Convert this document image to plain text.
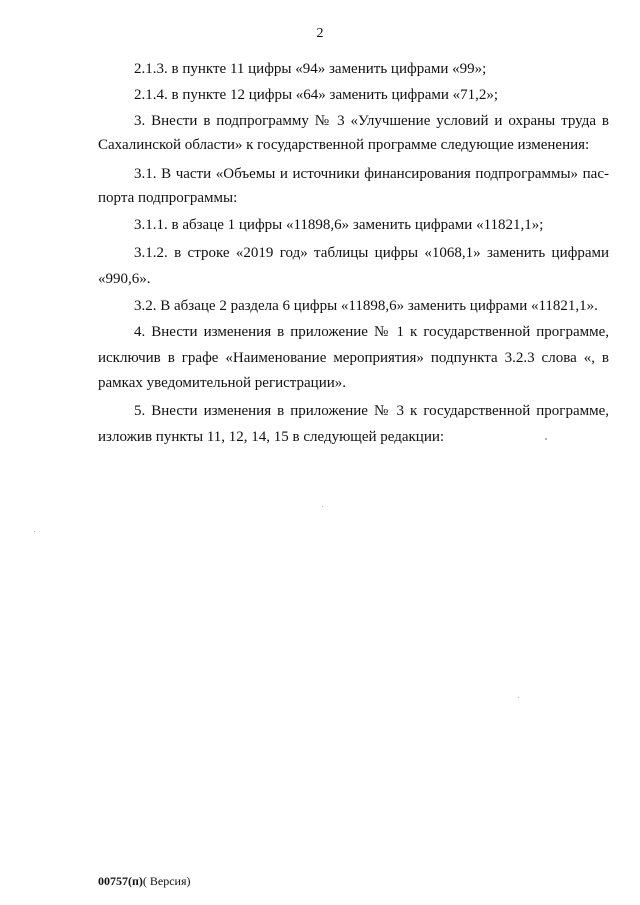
2
2.1.3. в пункте 11 цифры «94» заменить цифрами «99»;
2.1.4. в пункте 12 цифры «64» заменить цифрами «71,2»;
3. Внести в подпрограмму № 3 «Улучшение условий и охраны труда в
Сахалинской области» к государственной программе следующие изменения:
3.1. В части «Объемы и источники финансирования подпрограммы» пас-
порта подпрограммы:
3.1.1. в абзаце 1 цифры «11898,6» заменить цифрами «11821,1»;
3.1.2. в строке «2019 год» таблицы цифры «1068,1» заменить цифрами
«990,6».
3.2. В абзаце 2 раздела 6 цифры «11898,6» заменить цифрами «11821,1».
4. Внести изменения в приложение № 1 к государственной программе,
исключив в графе «Наименование мероприятия» подпункта 3.2.3 слова «, в
рамках уведомительной регистрации».
5. Внести изменения в приложение № 3 к государственной программе,
изложив пункты 11, 12, 14, 15 в следующей редакции:
00757(п)( Версия)
